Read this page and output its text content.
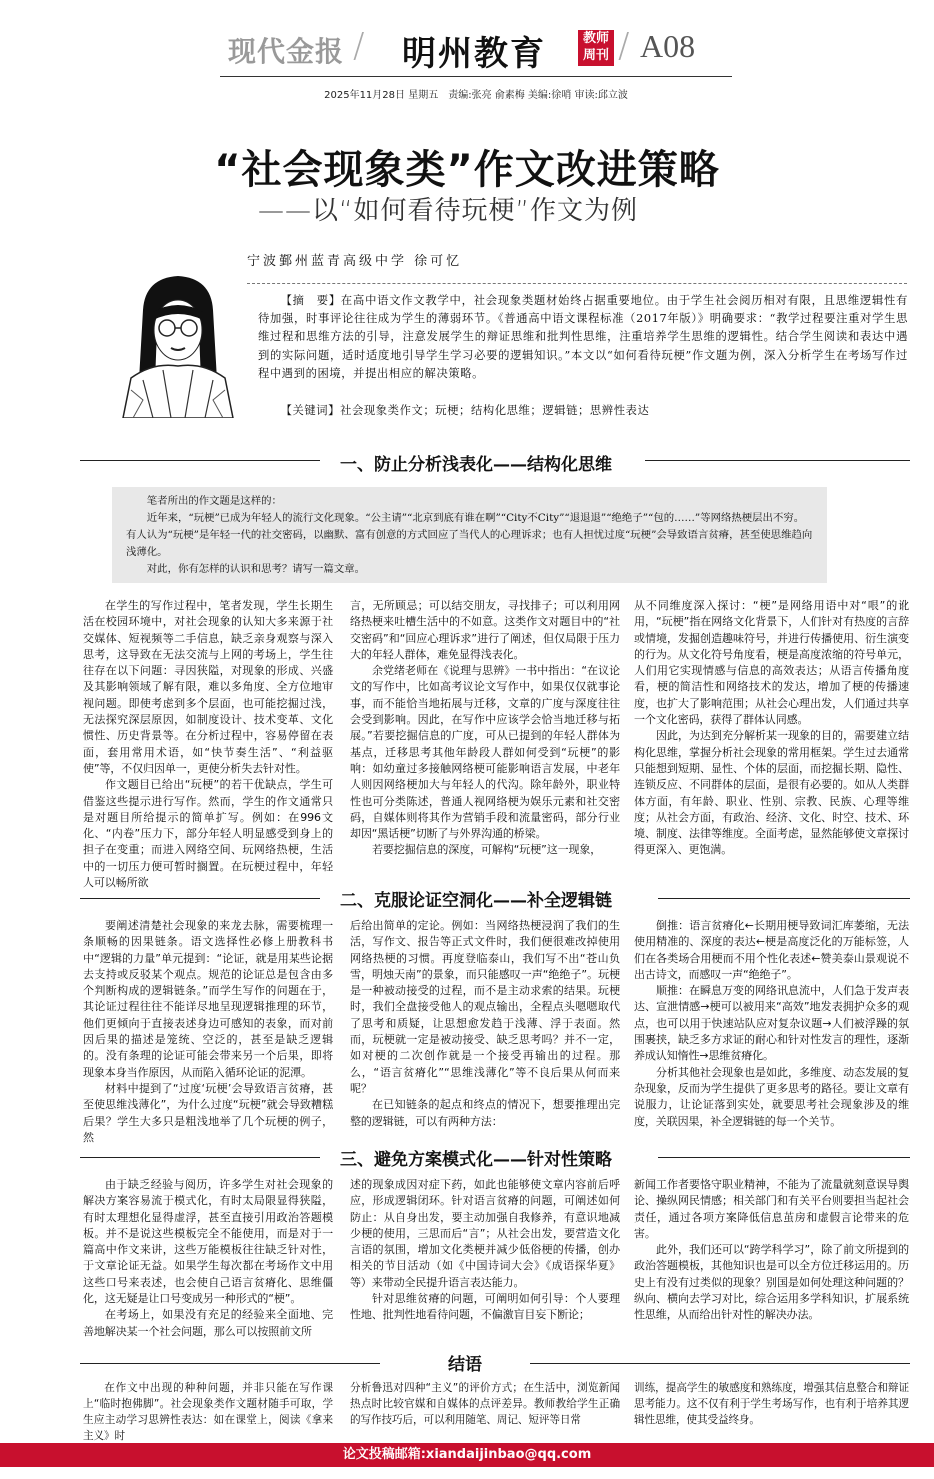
现代金报 / 明州教育	教师
周刊 / A08
2025年11月28日 星期五　责编:张亮 俞素梅 美编:徐哨 审读:邱立波
“社会现象类”作文改进策略
——以“如何看待玩梗”作文为例
宁波鄞州蓝青高级中学 徐可忆

【摘　要】在高中语文作文教学中，社会现象类题材始终占据重要地位。由于学生社会阅历相对有限，且思维逻辑性有待加强，时事评论往往成为学生的薄弱环节。《普通高中语文课程标准（2017年版）》明确要求：“教学过程要注重对学生思维过程和思维方法的引导，注意发展学生的辩证思维和批判性思维，注重培养学生思维的逻辑性。结合学生阅读和表达中遇到的实际问题，适时适度地引导学生学习必要的逻辑知识。”本文以“如何看待玩梗”作文题为例，深入分析学生在考场写作过程中遇到的困境，并提出相应的解决策略。

【关键词】社会现象类作文；玩梗；结构化思维；逻辑链；思辨性表达
一、防止分析浅表化——结构化思维

笔者所出的作文题是这样的：

近年来，“玩梗”已成为年轻人的流行文化现象。“公主请”“北京到底有谁在啊”“City不City”“退退退”“绝绝子”“包的……”等网络热梗层出不穷。有人认为“玩梗”是年轻一代的社交密码，以幽默、富有创意的方式回应了当代人的心理诉求；也有人担忧过度“玩梗”会导致语言贫瘠，甚至使思维趋向浅薄化。

对此，你有怎样的认识和思考？请写一篇文章。

在学生的写作过程中，笔者发现，学生长期生活在校园环境中，对社会现象的认知大多来源于社交媒体、短视频等二手信息，缺乏亲身观察与深入思考，这导致在无法交流与上网的考场上，学生往往存在以下问题：寻因狭隘，对现象的形成、兴盛及其影响领域了解有限，难以多角度、全方位地审视问题。即使考虑到多个层面，也可能挖掘过浅，无法探究深层原因，如制度设计、技术变革、文化惯性、历史背景等。在分析过程中，容易停留在表面，套用常用术语，如“快节奏生活”、“利益驱使”等，不仅归因单一，更使分析失去针对性。

作文题目已给出“玩梗”的若干优缺点，学生可借鉴这些提示进行写作。然而，学生的作文通常只是对题目所给提示的简单扩写。例如：在996文化、“内卷”压力下，部分年轻人明显感受到身上的担子在变重；而进入网络空间、玩网络热梗，生活中的一切压力便可暂时搁置。在玩梗过程中，年轻人可以畅所欲

言，无所顾忌；可以结交朋友，寻找排子；可以利用网络热梗来吐槽生活中的不如意。这类作文对题目中的“社交密码”和“回应心理诉求”进行了阐述，但仅局限于压力大的年轻人群体，难免显得浅表化。

余党绪老师在《说理与思辨》一书中指出：“在议论文的写作中，比如高考议论文写作中，如果仅仅就事论事，而不能恰当地拓展与迁移，文章的广度与深度往往会受到影响。因此，在写作中应该学会恰当地迁移与拓展。”若要挖掘信息的广度，可从已提到的年轻人群体为基点，迁移思考其他年龄段人群如何受到“玩梗”的影响：如幼童过多接触网络梗可能影响语言发展，中老年人则因网络梗加大与年轻人的代沟。除年龄外，职业特性也可分类陈述，普通人视网络梗为娱乐元素和社交密码，自媒体则将其作为营销手段和流量密码，部分行业却因“黑话梗”切断了与外界沟通的桥梁。

若要挖掘信息的深度，可解构“玩梗”这一现象，

从不同维度深入探讨：“梗”是网络用语中对“哏”的讹用，“玩梗”指在网络文化背景下，人们针对有热度的言辞或情境，发掘创造趣味符号，并进行传播使用、衍生演变的行为。从文化符号角度看，梗是高度浓缩的符号单元，人们用它实现情感与信息的高效表达；从语言传播角度看，梗的简洁性和网络技术的发达，增加了梗的传播速度，也扩大了影响范围；从社会心理出发，人们通过共享一个文化密码，获得了群体认同感。

因此，为达到充分解析某一现象的目的，需要建立结构化思维，掌握分析社会现象的常用框架。学生过去通常只能想到短期、显性、个体的层面，而挖掘长期、隐性、连锁反应、不同群体的层面，是很有必要的。如从人类群体方面，有年龄、职业、性别、宗教、民族、心理等维度；从社会方面，有政治、经济、文化、时空、技术、环境、制度、法律等维度。全面考虑，显然能够使文章探讨得更深入、更饱满。

二、克服论证空洞化——补全逻辑链

要阐述清楚社会现象的来龙去脉，需要梳理一条顺畅的因果链条。语文选择性必修上册教科书中“逻辑的力量”单元提到：“论证，就是用某些论据去支持或反驳某个观点。规范的论证总是包含由多个判断构成的逻辑链条。”而学生写作的问题在于，其论证过程往往不能详尽地呈现逻辑推理的环节，他们更倾向于直接表述身边可感知的表象，而对前因后果的描述是笼统、空泛的，甚至是缺乏逻辑的。没有条理的论证可能会带来另一个后果，即将现象本身当作原因，从而陷入循环论证的泥潭。

材料中提到了“过度‘玩梗’会导致语言贫瘠，甚至使思维浅薄化”，为什么过度“玩梗”就会导致糟糕后果？学生大多只是粗浅地举了几个玩梗的例子，然

后给出简单的定论。例如：当网络热梗浸润了我们的生活，写作文、报告等正式文件时，我们便很难改掉使用网络热梗的习惯。再度登临泰山，我们写不出“苍山负雪，明烛天南”的景象，而只能感叹一声“绝绝子”。玩梗是一种被动接受的过程，而不是主动求索的结果。玩梗时，我们全盘接受他人的观点输出，全程点头嗯嗯取代了思考和质疑，让思想愈发趋于浅薄、浮于表面。然而，玩梗就一定是被动接受、缺乏思考吗？并不一定，如对梗的二次创作就是一个接受再输出的过程。那么，“语言贫瘠化”“思维浅薄化”等不良后果从何而来呢？

在已知链条的起点和终点的情况下，想要推理出完整的逻辑链，可以有两种方法：

倒推：语言贫瘠化←长期用梗导致词汇库萎缩，无法使用精准的、深度的表达←梗是高度泛化的万能标签，人们在各类场合用梗而不用个性化表述←赞美泰山景观说不出古诗文，而感叹一声“绝绝子”。

顺推：在瞬息万变的网络讯息流中，人们急于发声表达、宣泄情感→梗可以被用来“高效”地发表拥护众多的观点，也可以用于快速站队应对复杂议题→人们被浮躁的氛围裹挟，缺乏多方求证的耐心和针对性发言的理性，逐渐养成认知惰性→思维贫瘠化。

分析其他社会现象也是如此，多维度、动态发展的复杂现象，反而为学生提供了更多思考的路径。要让文章有说服力，让论证落到实处，就要思考社会现象涉及的维度，关联因果，补全逻辑链的每一个关节。

三、避免方案模式化——针对性策略

由于缺乏经验与阅历，许多学生对社会现象的解决方案容易流于模式化，有时太局限显得狭隘，有时太理想化显得虚浮，甚至直接引用政治答题模板。并不是说这些模板完全不能使用，而是对于一篇高中作文来讲，这些万能模板往往缺乏针对性，于文章论证无益。如果学生每次都在考场作文中用这些口号来表述，也会使自己语言贫瘠化、思维僵化，这无疑是让口号变成另一种形式的“梗”。

在考场上，如果没有充足的经验来全面地、完善地解决某一个社会问题，那么可以按照前文所

述的现象成因对症下药，如此也能够使文章内容前后呼应，形成逻辑闭环。针对语言贫瘠的问题，可阐述如何防止：从自身出发，要主动加强自我修养，有意识地减少梗的使用，三思而后“言”；从社会出发，要营造文化言语的氛围，增加文化类梗并减少低俗梗的传播，创办相关的节目活动（如《中国诗词大会》《成语探华夏》等）来带动全民提升语言表达能力。

针对思维贫瘠的问题，可阐明如何引导：个人要理性地、批判性地看待问题，不偏激盲目妄下断论；

新闻工作者要恪守职业精神，不能为了流量就刻意误导舆论、操纵网民情感；相关部门和有关平台则要担当起社会责任，通过各项方案降低信息茧房和虚假言论带来的危害。

此外，我们还可以“跨学科学习”，除了前文所提到的政治答题模板，其他知识也是可以全方位迁移运用的。历史上有没有过类似的现象？别国是如何处理这种问题的？纵向、横向去学习对比，综合运用多学科知识，扩展系统性思维，从而给出针对性的解决办法。

结语

在作文中出现的种种问题，并非只能在写作课上“临时抱佛脚”。社会现象类作文题材随手可取，学生应主动学习思辨性表达：如在课堂上，阅读《拿来主义》时

分析鲁迅对四种“主义”的评价方式；在生活中，浏览新闻热点时比较官媒和自媒体的点评差异。教师教给学生正确的写作技巧后，可以利用随笔、周记、短评等日常

训练，提高学生的敏感度和熟练度，增强其信息整合和辩证思考能力。这不仅有利于学生考场写作，也有利于培养其逻辑性思维，使其受益终身。

论文投稿邮箱:xiandaijinbao@qq.com
